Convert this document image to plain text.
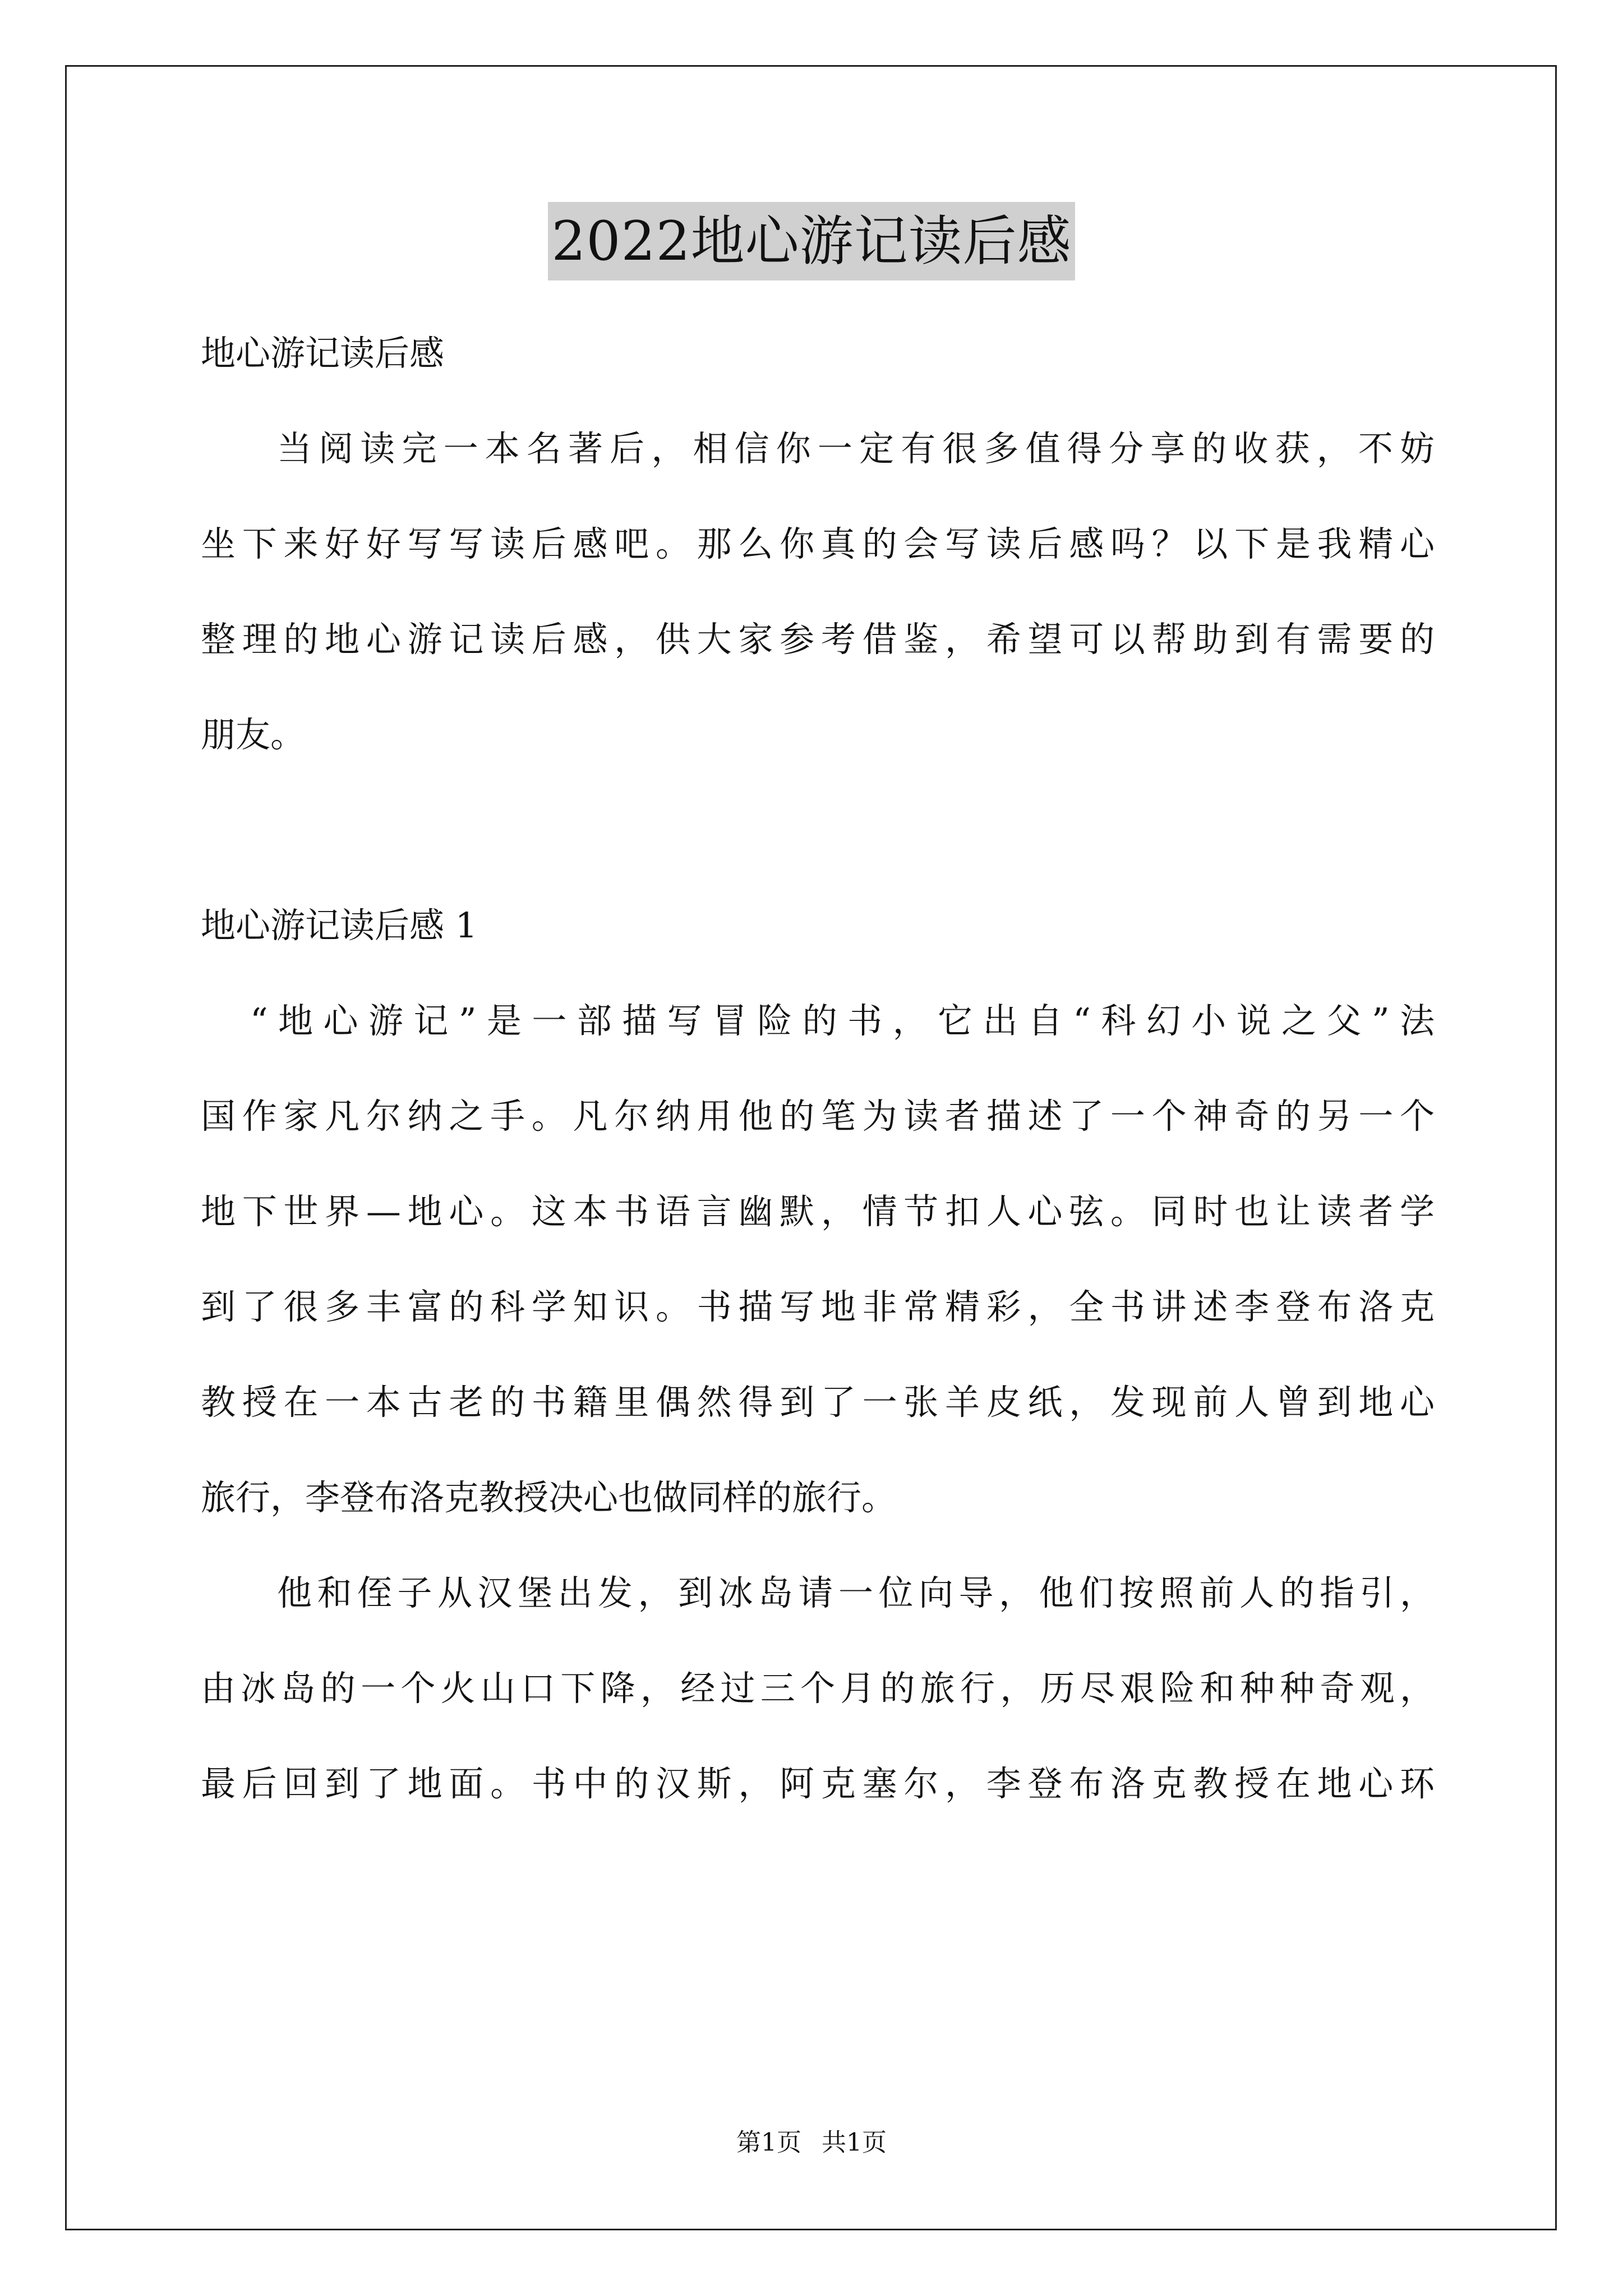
2022地心游记读后感

地心游记读后感

当阅读完一本名著后，相信你一定有很多值得分享的收获，不妨
坐下来好好写写读后感吧。那么你真的会写读后感吗？以下是我精心
整理的地心游记读后感，供大家参考借鉴，希望可以帮助到有需要的
朋友。

地心游记读后感 1

“地心游记”是一部描写冒险的书，它出自“科幻小说之父”法
国作家凡尔纳之手。凡尔纳用他的笔为读者描述了一个神奇的另一个
地下世界—地心。这本书语言幽默，情节扣人心弦。同时也让读者学
到了很多丰富的科学知识。书描写地非常精彩，全书讲述李登布洛克
教授在一本古老的书籍里偶然得到了一张羊皮纸，发现前人曾到地心
旅行，李登布洛克教授决心也做同样的旅行。
他和侄子从汉堡出发，到冰岛请一位向导，他们按照前人的指引，
由冰岛的一个火山口下降，经过三个月的旅行，历尽艰险和种种奇观，
最后回到了地面。书中的汉斯，阿克塞尔，李登布洛克教授在地心环
第1页 共1页
